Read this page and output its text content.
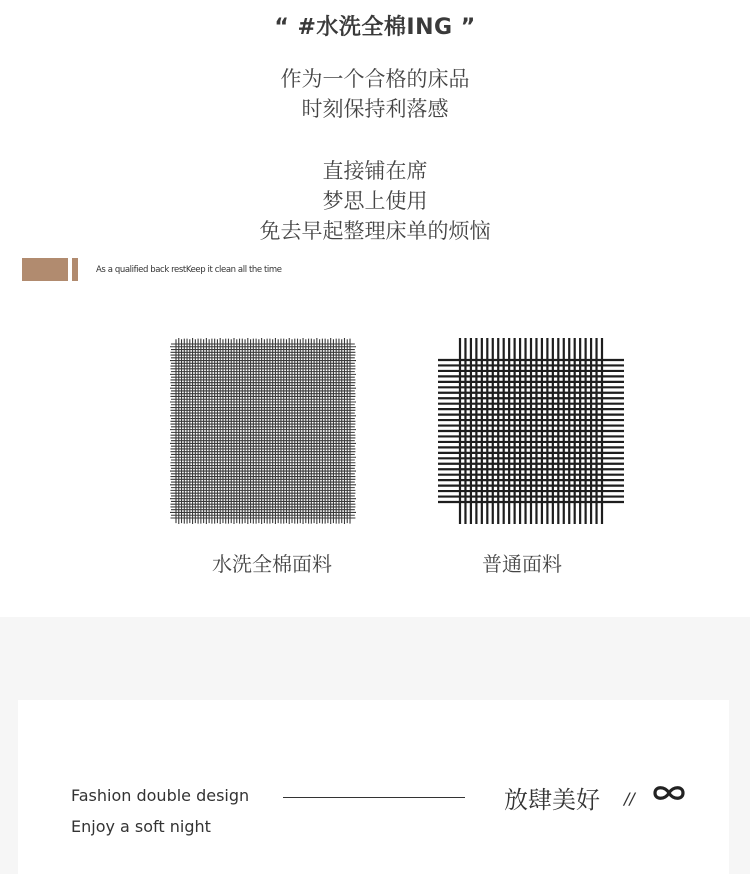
“ #水洗全棉ING ”
作为一个合格的床品
时刻保持利落感
直接铺在席
梦思上使用
免去早起整理床单的烦恼
As a qualified back restKeep it clean all the time
水洗全棉面料	普通面料
Fashion double design
Enjoy a soft night
放肆美好 //
